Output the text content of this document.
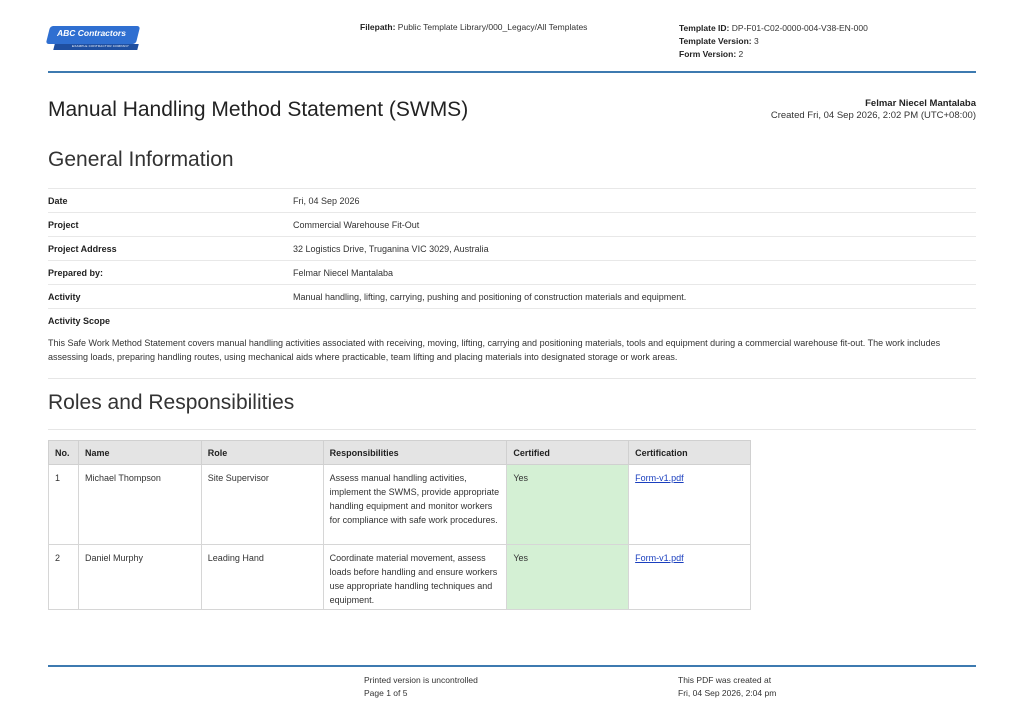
ABC Contractors
EXAMPLE CONTRACTOR COMPANY
Filepath: Public Template Library/000_Legacy/All Templates	Template ID: DP-F01-C02-0000-004-V38-EN-000
Template Version: 3
Form Version: 2
Manual Handling Method Statement (SWMS)	Felmar Niecel Mantalaba
Created Fri, 04 Sep 2026, 2:02 PM (UTC+08:00)
General Information
Date	Fri, 04 Sep 2026
Project	Commercial Warehouse Fit-Out
Project Address	32 Logistics Drive, Truganina VIC 3029, Australia
Prepared by:	Felmar Niecel Mantalaba
Activity	Manual handling, lifting, carrying, pushing and positioning of construction materials and equipment.
Activity Scope
This Safe Work Method Statement covers manual handling activities associated with receiving, moving, lifting, carrying and positioning materials, tools and equipment during a commercial warehouse fit-out. The work includes assessing loads, preparing handling routes, using mechanical aids where practicable, team lifting and placing materials into designated storage or work areas.
Roles and Responsibilities
No.	Name	Role	Responsibilities	Certified	Certification
1	Michael Thompson	Site Supervisor	Assess manual handling activities, implement the SWMS, provide appropriate handling equipment and monitor workers for compliance with safe work procedures.	Yes	Form-v1.pdf
2	Daniel Murphy	Leading Hand	Coordinate material movement, assess loads before handling and ensure workers use appropriate handling techniques and equipment.	Yes	Form-v1.pdf
Printed version is uncontrolled
Page 1 of 5
This PDF was created at
Fri, 04 Sep 2026, 2:04 pm
